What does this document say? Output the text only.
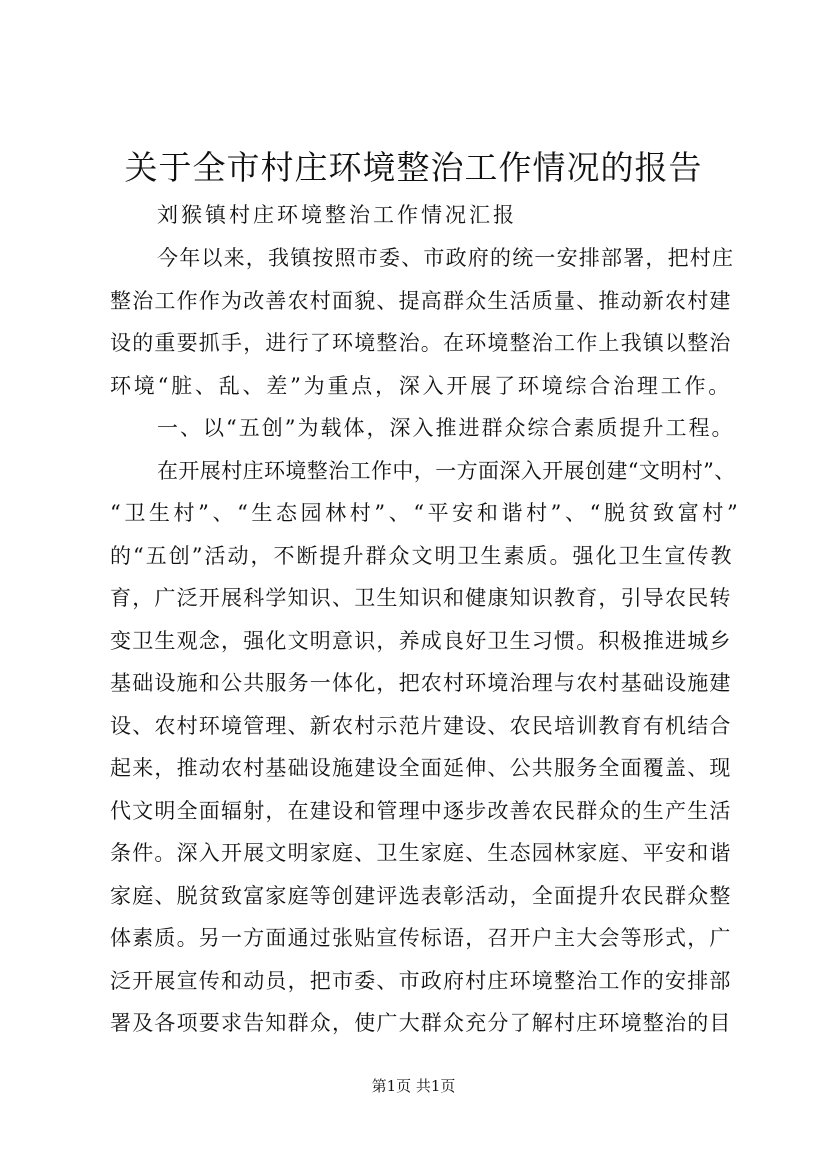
关于全市村庄环境整治工作情况的报告

刘猴镇村庄环境整治工作情况汇报

今年以来，我镇按照市委、市政府的统一安排部署，把村庄
整治工作作为改善农村面貌、提高群众生活质量、推动新农村建
设的重要抓手，进行了环境整治。在环境整治工作上我镇以整治
环境“脏、乱、差”为重点，深入开展了环境综合治理工作。
一、以“五创”为载体，深入推进群众综合素质提升工程。
在开展村庄环境整治工作中，一方面深入开展创建“文明村”、
“卫生村”、“生态园林村”、“平安和谐村”、“脱贫致富村”
的“五创”活动，不断提升群众文明卫生素质。强化卫生宣传教
育，广泛开展科学知识、卫生知识和健康知识教育，引导农民转
变卫生观念，强化文明意识，养成良好卫生习惯。积极推进城乡
基础设施和公共服务一体化，把农村环境治理与农村基础设施建
设、农村环境管理、新农村示范片建设、农民培训教育有机结合
起来，推动农村基础设施建设全面延伸、公共服务全面覆盖、现
代文明全面辐射，在建设和管理中逐步改善农民群众的生产生活
条件。深入开展文明家庭、卫生家庭、生态园林家庭、平安和谐
家庭、脱贫致富家庭等创建评选表彰活动，全面提升农民群众整
体素质。另一方面通过张贴宣传标语，召开户主大会等形式，广
泛开展宣传和动员，把市委、市政府村庄环境整治工作的安排部
署及各项要求告知群众，使广大群众充分了解村庄环境整治的目

第1页 共1页
